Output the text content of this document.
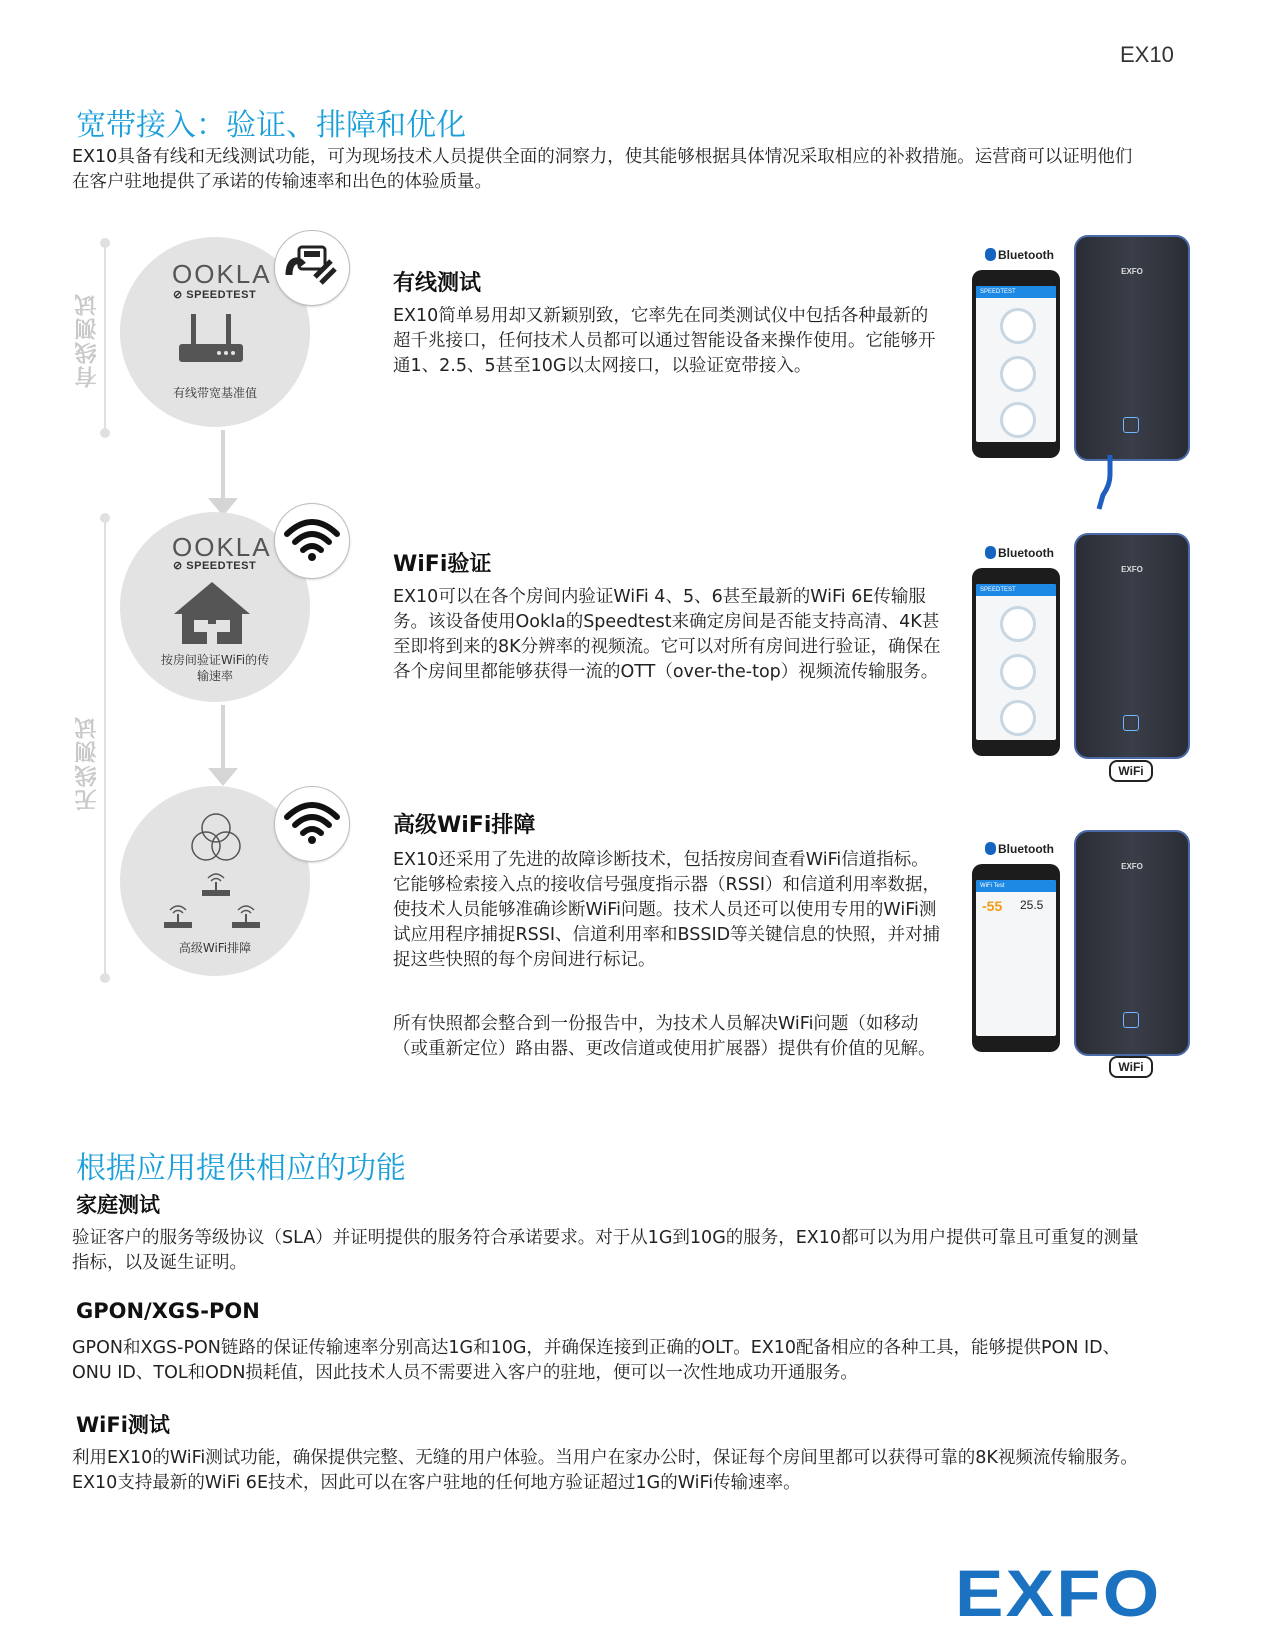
EX10
宽带接入：验证、排障和优化
EX10具备有线和无线测试功能，可为现场技术人员提供全面的洞察力，使其能够根据具体情况采取相应的补救措施。运营商可以证明他们在客户驻地提供了承诺的传输速率和出色的体验质量。
有线测试
无线测试
OOKLA
⊘ SPEEDTEST
有线带宽基准值
OOKLA
⊘ SPEEDTEST
按房间验证WiFi的传输速率
高级WiFi排障
有线测试
EX10简单易用却又新颖别致，它率先在同类测试仪中包括各种最新的超千兆接口，任何技术人员都可以通过智能设备来操作使用。它能够开通1、2.5、5甚至10G以太网接口，以验证宽带接入。
WiFi验证
EX10可以在各个房间内验证WiFi 4、5、6甚至最新的WiFi 6E传输服务。该设备使用Ookla的Speedtest来确定房间是否能支持高清、4K甚至即将到来的8K分辨率的视频流。它可以对所有房间进行验证，确保在各个房间里都能够获得一流的OTT（over-the-top）视频流传输服务。
高级WiFi排障
EX10还采用了先进的故障诊断技术，包括按房间查看WiFi信道指标。它能够检索接入点的接收信号强度指示器（RSSI）和信道利用率数据，使技术人员能够准确诊断WiFi问题。技术人员还可以使用专用的WiFi测试应用程序捕捉RSSI、信道利用率和BSSID等关键信息的快照，并对捕捉这些快照的每个房间进行标记。
所有快照都会整合到一份报告中，为技术人员解决WiFi问题（如移动（或重新定位）路由器、更改信道或使用扩展器）提供有价值的见解。
Bluetooth
SPEEDTEST
EXFO
Bluetooth
SPEEDTEST
EXFO
WiFi
Bluetooth
WiFi Test
-55 25.5
EXFO
WiFi
根据应用提供相应的功能
家庭测试
验证客户的服务等级协议（SLA）并证明提供的服务符合承诺要求。对于从1G到10G的服务，EX10都可以为用户提供可靠且可重复的测量指标，以及诞生证明。
GPON/XGS-PON
GPON和XGS-PON链路的保证传输速率分别高达1G和10G，并确保连接到正确的OLT。EX10配备相应的各种工具，能够提供PON ID、ONU ID、TOL和ODN损耗值，因此技术人员不需要进入客户的驻地，便可以一次性地成功开通服务。
WiFi测试
利用EX10的WiFi测试功能，确保提供完整、无缝的用户体验。当用户在家办公时，保证每个房间里都可以获得可靠的8K视频流传输服务。EX10支持最新的WiFi 6E技术，因此可以在客户驻地的任何地方验证超过1G的WiFi传输速率。
EXFO
